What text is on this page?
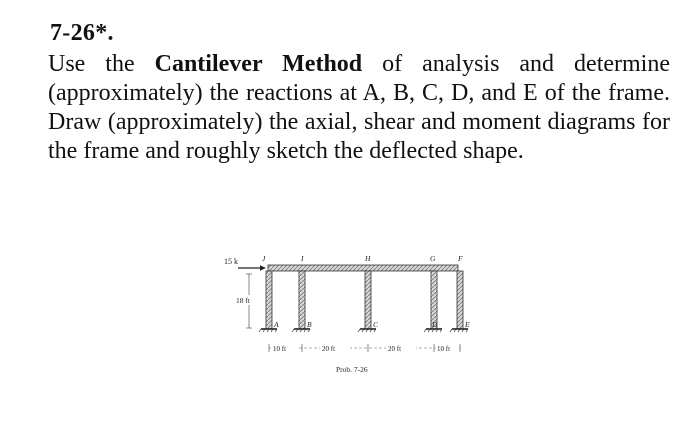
7-26*.

Use the Cantilever Method of analysis and determine (approximately) the reactions at A, B, C, D, and E of the frame. Draw (approximately) the axial, shear and moment diagrams for the frame and roughly sketch the deflected shape.

15 k
18 ft
J	I	H	G	F
A	B	C	D	E
10 ft	20 ft	20 ft	10 ft
Prob. 7-26
